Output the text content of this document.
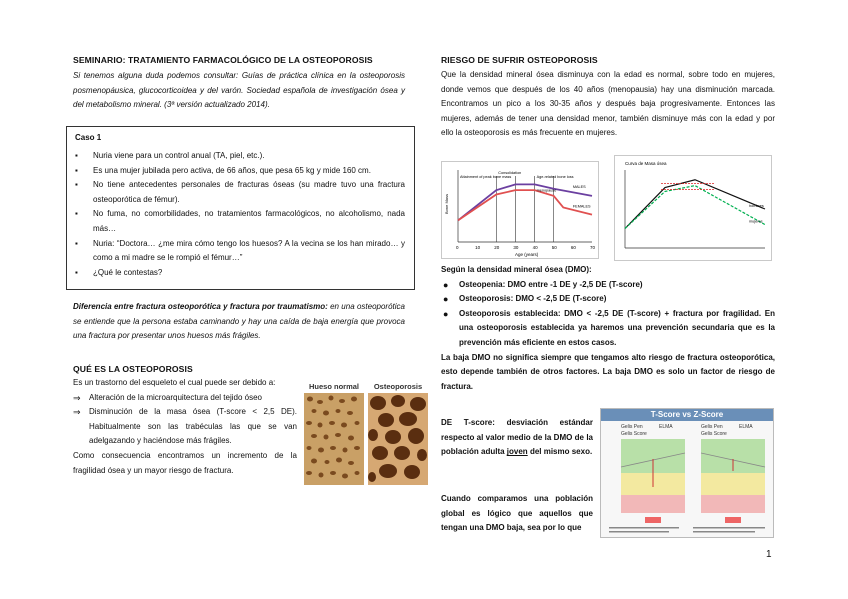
SEMINARIO: TRATAMIENTO FARMACOLÓGICO DE LA OSTEOPOROSIS
Si tenemos alguna duda podemos consultar: Guías de práctica clínica en la osteoporosis posmenopáusica, glucocorticoidea y del varón. Sociedad española de investigación ósea y del metabolismo mineral. (3ª versión actualizado 2014).
Caso 1
▪ Nuria viene para un control anual (TA, piel, etc.).
▪ Es una mujer jubilada pero activa, de 66 años, que pesa 65 kg y mide 160 cm.
▪ No tiene antecedentes personales de fracturas óseas (su madre tuvo una fractura osteoporótica de fémur).
▪ No fuma, no comorbilidades, no tratamientos farmacológicos, no alcoholismo, nada más…
▪ Nuria: “Doctora… ¿me mira cómo tengo los huesos? A la vecina se los han mirado… y como a mi madre se le rompió el fémur…”
▪ ¿Qué le contestas?
Diferencia entre fractura osteoporótica y fractura por traumatismo: en una osteoporótica se entiende que la persona estaba caminando y hay una caída de baja energía que provoca una fractura por presentar unos huesos más frágiles.
QUÉ ES LA OSTEOPOROSIS
Es un trastorno del esqueleto el cual puede ser debido a:
⇒ Alteración de la microarquitectura del tejido óseo
⇒ Disminución de la masa ósea (T-score < 2,5 DE). Habitualmente son las trabéculas las que se van adelgazando y haciéndose más frágiles.
Como consecuencia encontramos un incremento de la fragilidad ósea y un mayor riesgo de fractura.
Hueso normal	Osteoporosis
RIESGO DE SUFRIR OSTEOPOROSIS
Que la densidad mineral ósea disminuya con la edad es normal, sobre todo en mujeres, donde vemos que después de los 40 años (menopausia) hay una disminución marcada. Encontramos un pico a los 30-35 años y después baja progresivamente. Entonces las mujeres, además de tener una densidad menor, también disminuye más con la edad y por ello la osteoporosis es más frecuente en mujeres.
Bone Mass
Age (years)
0	10	20	30	40	50	60	70
Attainment of peak bone mass
Consolidation
Age-related bone loss
menopause
MALES
FEMALES
Curva de Masa ósea
hombres
mujeres
Según la densidad mineral ósea (DMO):
● Osteopenia: DMO entre -1 DE y -2,5 DE (T-score)
● Osteoporosis: DMO < -2,5 DE (T-score)
● Osteoporosis establecida: DMO < -2,5 DE (T-score) + fractura por fragilidad. En una osteoporosis establecida ya haremos una prevención secundaria que es la prevención más eficiente en estos casos.
La baja DMO no significa siempre que tengamos alto riesgo de fractura osteoporótica, esto depende también de otros factores. La baja DMO es solo un factor de riesgo de fractura.
DE T-score: desviación estándar respecto al valor medio de la DMO de la población adulta joven del mismo sexo.
Cuando comparamos una población global es lógico que aquellos que tengan una DMO baja, sea por lo que
T-Score vs Z-Score
Gelis Pen	ELMA
Gelis Score
Gelis Pen	ELMA
Gelis Score
1
